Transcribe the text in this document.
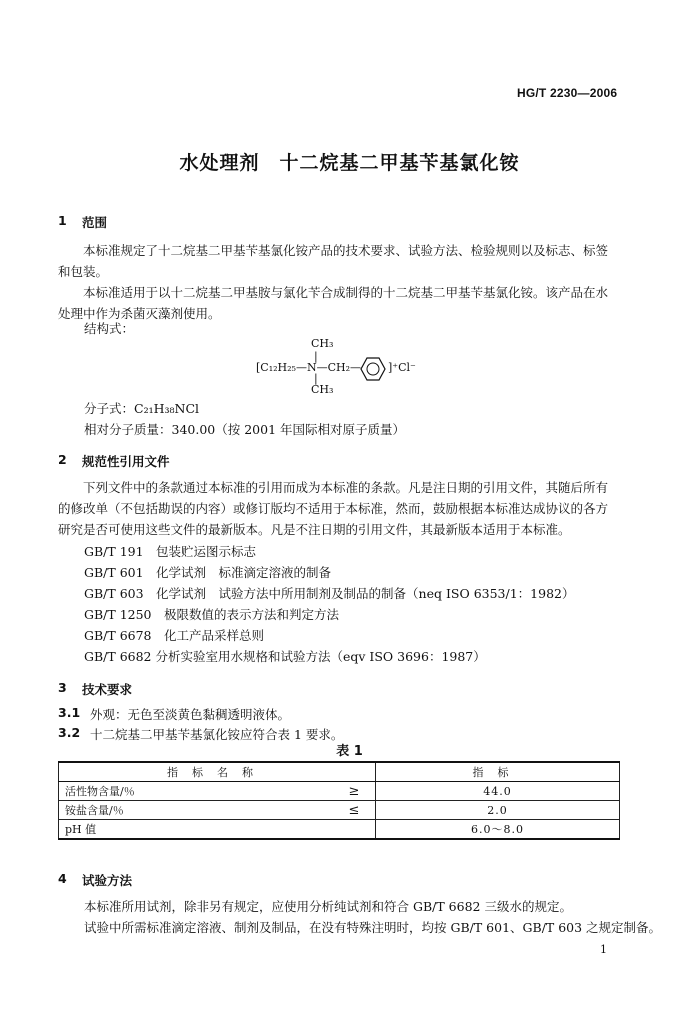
HG/T 2230—2006
水处理剂　十二烷基二甲基苄基氯化铵
1 范围
本标准规定了十二烷基二甲基苄基氯化铵产品的技术要求、试验方法、检验规则以及标志、标签和包装。
本标准适用于以十二烷基二甲基胺与氯化苄合成制得的十二烷基二甲基苄基氯化铵。该产品在水处理中作为杀菌灭藻剂使用。
结构式：
CH₃
|
[C₁₂H₂₅—N—CH₂— ]⁺Cl⁻
|
CH₃
分子式：C₂₁H₃₈NCl
相对分子质量：340.00（按 2001 年国际相对原子质量）
2 规范性引用文件
下列文件中的条款通过本标准的引用而成为本标准的条款。凡是注日期的引用文件，其随后所有的修改单（不包括勘误的内容）或修订版均不适用于本标准，然而，鼓励根据本标准达成协议的各方研究是否可使用这些文件的最新版本。凡是不注日期的引用文件，其最新版本适用于本标准。
GB/T 191　包装贮运图示标志
GB/T 601　化学试剂　标准滴定溶液的制备
GB/T 603　化学试剂　试验方法中所用制剂及制品的制备（neq ISO 6353/1：1982）
GB/T 1250　极限数值的表示方法和判定方法
GB/T 6678　化工产品采样总则
GB/T 6682 分析实验室用水规格和试验方法（eqv ISO 3696：1987）
3 技术要求
3.1 外观：无色至淡黄色黏稠透明液体。
3.2 十二烷基二甲基苄基氯化铵应符合表 1 要求。
表 1
指标名称		指标
活性物含量/％	≥	44.0
铵盐含量/％	≤	2.0
pH 值		6.0～8.0
4 试验方法
本标准所用试剂，除非另有规定，应使用分析纯试剂和符合 GB/T 6682 三级水的规定。
试验中所需标准滴定溶液、制剂及制品，在没有特殊注明时，均按 GB/T 601、GB/T 603 之规定制备。
1
